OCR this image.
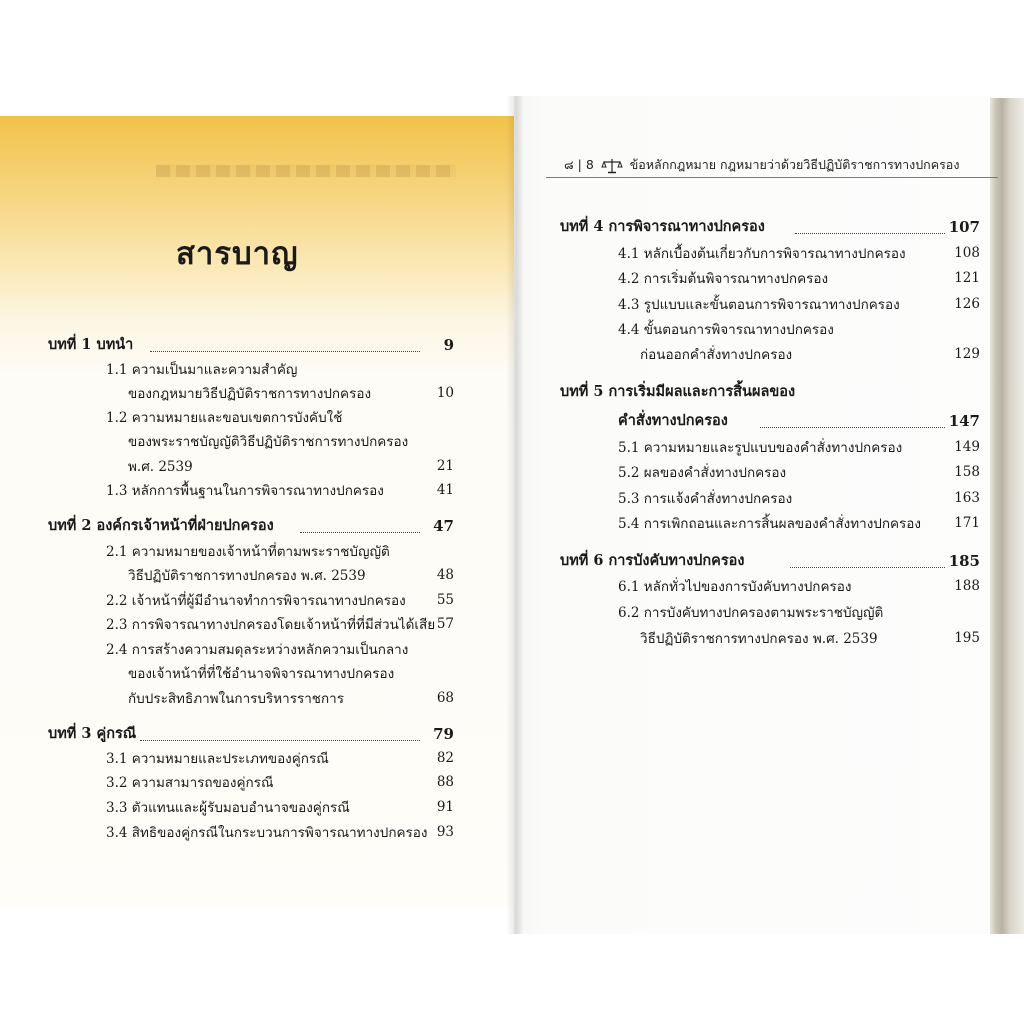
สารบาญ
บทที่ 1 บทนำ	9
1.1 ความเป็นมาและความสำคัญ
ของกฎหมายวิธีปฏิบัติราชการทางปกครอง	10
1.2 ความหมายและขอบเขตการบังคับใช้
ของพระราชบัญญัติวิธีปฏิบัติราชการทางปกครอง
พ.ศ. 2539	21
1.3 หลักการพื้นฐานในการพิจารณาทางปกครอง	41
บทที่ 2 องค์กรเจ้าหน้าที่ฝ่ายปกครอง	47
2.1 ความหมายของเจ้าหน้าที่ตามพระราชบัญญัติ
วิธีปฏิบัติราชการทางปกครอง พ.ศ. 2539	48
2.2 เจ้าหน้าที่ผู้มีอำนาจทำการพิจารณาทางปกครอง	55
2.3 การพิจารณาทางปกครองโดยเจ้าหน้าที่ที่มีส่วนได้เสีย 57
2.4 การสร้างความสมดุลระหว่างหลักความเป็นกลาง
ของเจ้าหน้าที่ที่ใช้อำนาจพิจารณาทางปกครอง
กับประสิทธิภาพในการบริหารราชการ	68
บทที่ 3 คู่กรณี	79
3.1 ความหมายและประเภทของคู่กรณี	82
3.2 ความสามารถของคู่กรณี	88
3.3 ตัวแทนและผู้รับมอบอำนาจของคู่กรณี	91
3.4 สิทธิของคู่กรณีในกระบวนการพิจารณาทางปกครอง 93
๘ | 8	ข้อหลักกฎหมาย กฎหมายว่าด้วยวิธีปฏิบัติราชการทางปกครอง
บทที่ 4 การพิจารณาทางปกครอง	107
4.1 หลักเบื้องต้นเกี่ยวกับการพิจารณาทางปกครอง	108
4.2 การเริ่มต้นพิจารณาทางปกครอง	121
4.3 รูปแบบและขั้นตอนการพิจารณาทางปกครอง	126
4.4 ขั้นตอนการพิจารณาทางปกครอง
ก่อนออกคำสั่งทางปกครอง	129
บทที่ 5 การเริ่มมีผลและการสิ้นผลของ
คำสั่งทางปกครอง	147
5.1 ความหมายและรูปแบบของคำสั่งทางปกครอง	149
5.2 ผลของคำสั่งทางปกครอง	158
5.3 การแจ้งคำสั่งทางปกครอง	163
5.4 การเพิกถอนและการสิ้นผลของคำสั่งทางปกครอง	171
บทที่ 6 การบังคับทางปกครอง	185
6.1 หลักทั่วไปของการบังคับทางปกครอง	188
6.2 การบังคับทางปกครองตามพระราชบัญญัติ
วิธีปฏิบัติราชการทางปกครอง พ.ศ. 2539	195
